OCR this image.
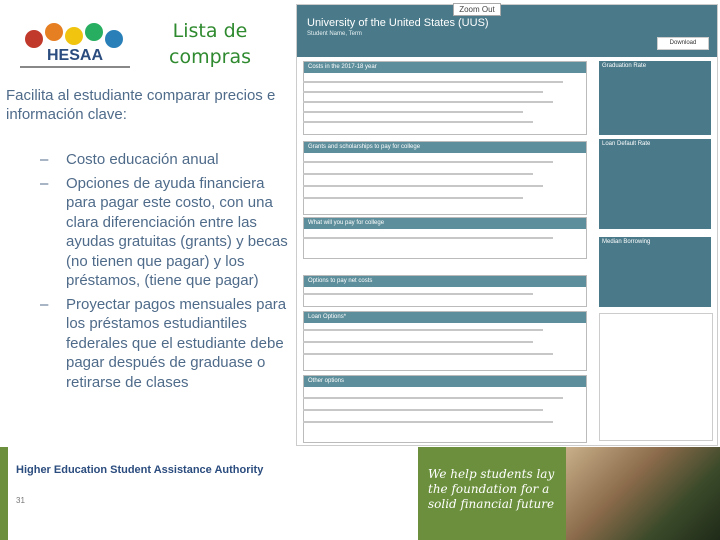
HESAA
Lista de compras
Facilita al estudiante comparar precios e información clave:
– Costo educación anual
– Opciones de ayuda financiera para pagar este costo, con una clara diferenciación entre las ayudas gratuitas (grants) y becas (no tienen que pagar) y los préstamos, (tiene que pagar)
– Proyectar pagos mensuales para los préstamos estudiantiles federales que el estudiante debe pagar después de graduase o retirarse de clases
University of the United States (UUS)
Student Name, Term
Download
Zoom Out
Costs in the 2017-18 year
Grants and scholarships to pay for college
What will you pay for college
Options to pay net costs
Loan Options*
Other options
Graduation Rate
Loan Default Rate
Median Borrowing
Higher Education Student Assistance Authority
31
We help students lay the foundation for a solid financial future
